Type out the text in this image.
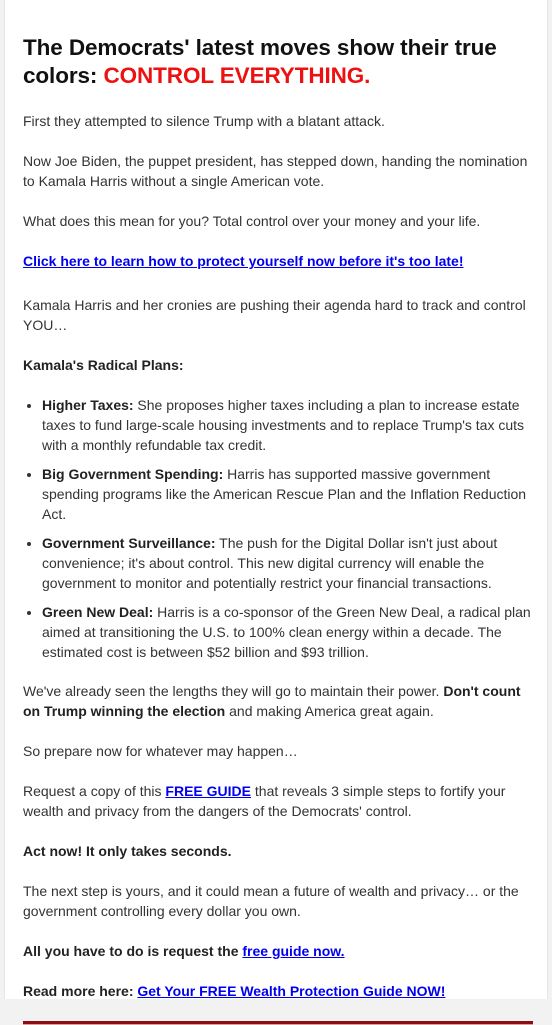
The Democrats' latest moves show their true colors: CONTROL EVERYTHING.

First they attempted to silence Trump with a blatant attack.

Now Joe Biden, the puppet president, has stepped down, handing the nomination to Kamala Harris without a single American vote.

What does this mean for you? Total control over your money and your life.

Click here to learn how to protect yourself now before it's too late!

Kamala Harris and her cronies are pushing their agenda hard to track and control YOU…

Kamala's Radical Plans:

• Higher Taxes: She proposes higher taxes including a plan to increase estate taxes to fund large-scale housing investments and to replace Trump's tax cuts with a monthly refundable tax credit.
• Big Government Spending: Harris has supported massive government spending programs like the American Rescue Plan and the Inflation Reduction Act.
• Government Surveillance: The push for the Digital Dollar isn't just about convenience; it's about control. This new digital currency will enable the government to monitor and potentially restrict your financial transactions.
• Green New Deal: Harris is a co-sponsor of the Green New Deal, a radical plan aimed at transitioning the U.S. to 100% clean energy within a decade. The estimated cost is between $52 billion and $93 trillion.

We've already seen the lengths they will go to maintain their power. Don't count on Trump winning the election and making America great again.

So prepare now for whatever may happen…

Request a copy of this FREE GUIDE that reveals 3 simple steps to fortify your wealth and privacy from the dangers of the Democrats' control.

Act now! It only takes seconds.

The next step is yours, and it could mean a future of wealth and privacy… or the government controlling every dollar you own.

All you have to do is request the free guide now.

Read more here: Get Your FREE Wealth Protection Guide NOW!
